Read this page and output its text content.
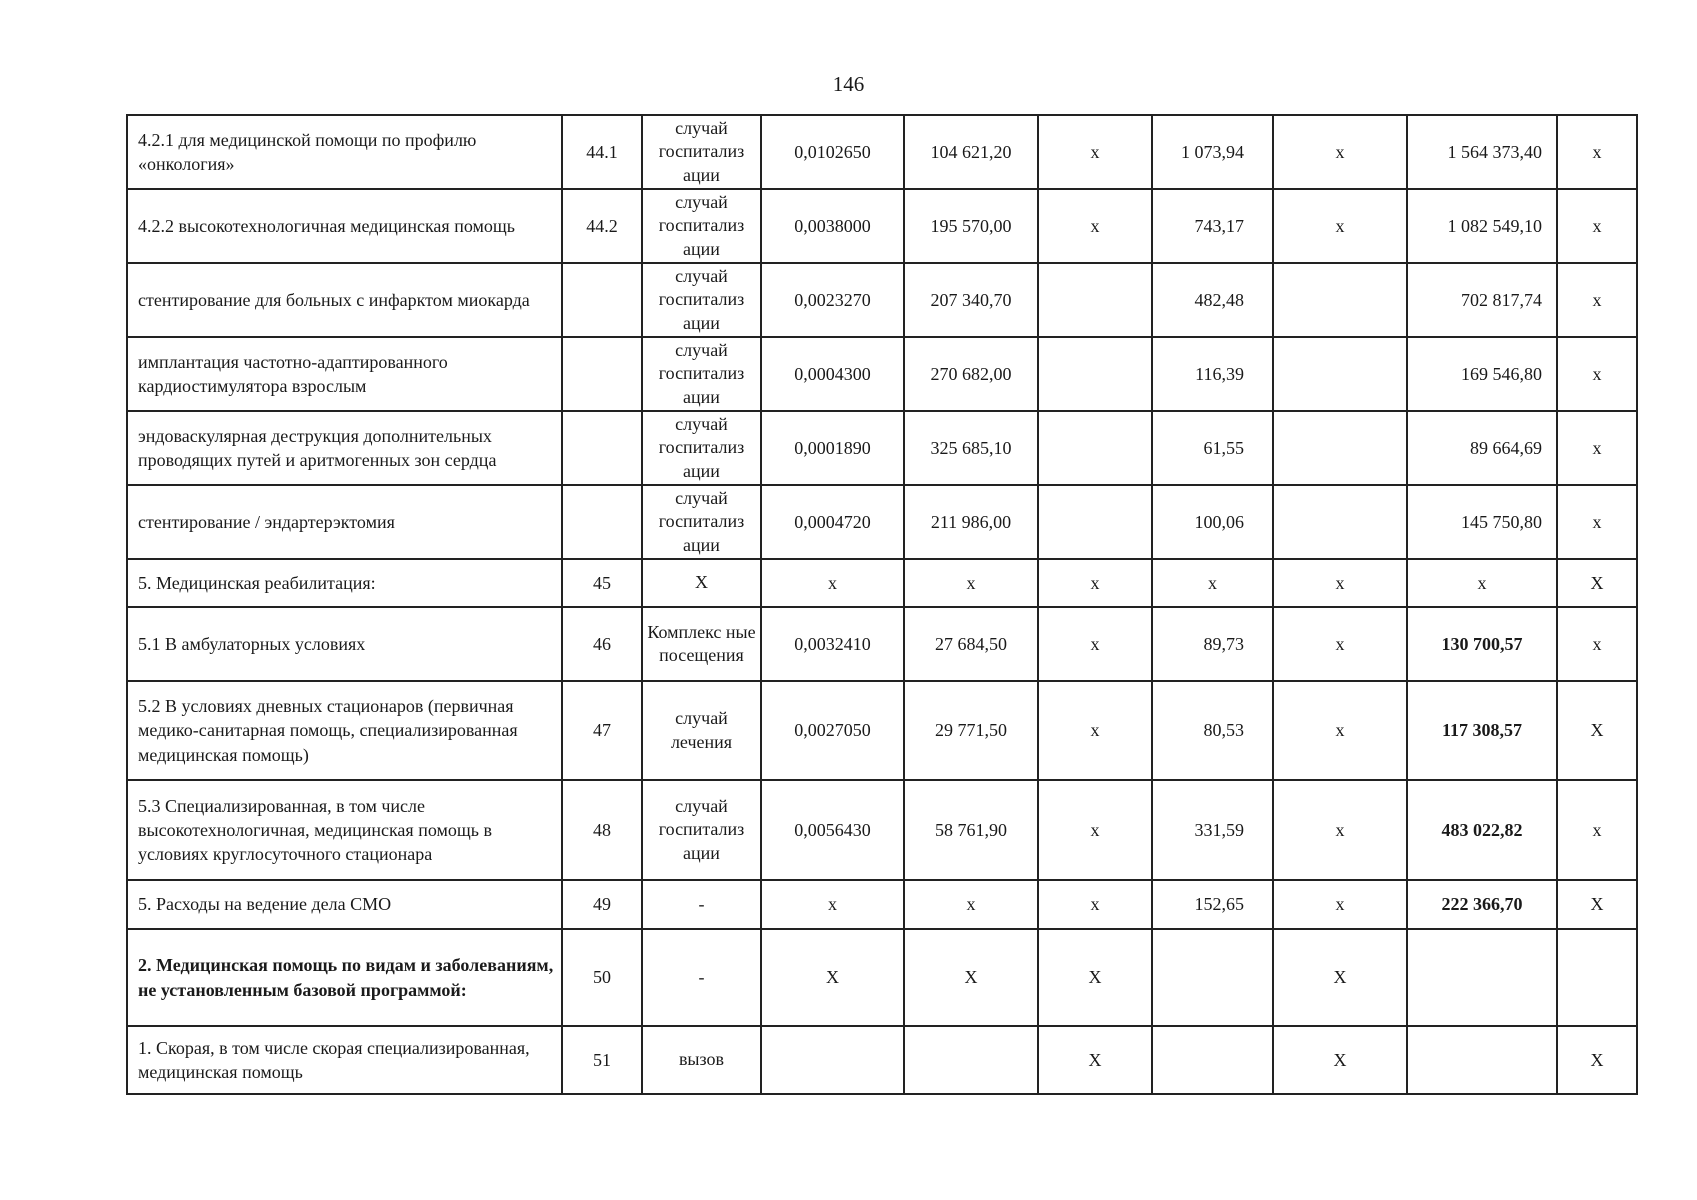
146
4.2.1 для медицинской помощи по профилю «онкология»	44.1	случай госпитализ ации	0,0102650	104 621,20	х	1 073,94	х	1 564 373,40	х
4.2.2 высокотехнологичная медицинская помощь	44.2	случай госпитализ ации	0,0038000	195 570,00	х	743,17	х	1 082 549,10	х
стентирование для больных с инфарктом миокарда		случай госпитализ ации	0,0023270	207 340,70		482,48		702 817,74	х
имплантация частотно-адаптированного кардиостимулятора взрослым		случай госпитализ ации	0,0004300	270 682,00		116,39		169 546,80	х
эндоваскулярная деструкция дополнительных проводящих путей и аритмогенных зон сердца		случай госпитализ ации	0,0001890	325 685,10		61,55		89 664,69	х
стентирование / эндартерэктомия		случай госпитализ ации	0,0004720	211 986,00		100,06		145 750,80	х
5. Медицинская реабилитация:	45	Х	х	х	х	х	х	х	Х
5.1 В амбулаторных условиях	46	Комплекс ные посещения	0,0032410	27 684,50	х	89,73	х	130 700,57	х
5.2 В условиях дневных стационаров (первичная медико-санитарная помощь, специализированная медицинская помощь)	47	случай лечения	0,0027050	29 771,50	х	80,53	х	117 308,57	Х
5.3 Специализированная, в том числе высокотехнологичная, медицинская помощь в условиях круглосуточного стационара	48	случай госпитализ ации	0,0056430	58 761,90	х	331,59	х	483 022,82	х
5. Расходы на ведение дела СМО	49	-	х	х	х	152,65	х	222 366,70	Х
2. Медицинская помощь по видам и заболеваниям, не установленным базовой программой:	50	-	Х	Х	Х		Х		
1. Скорая, в том числе скорая специализированная, медицинская помощь	51	вызов			Х		Х		Х
